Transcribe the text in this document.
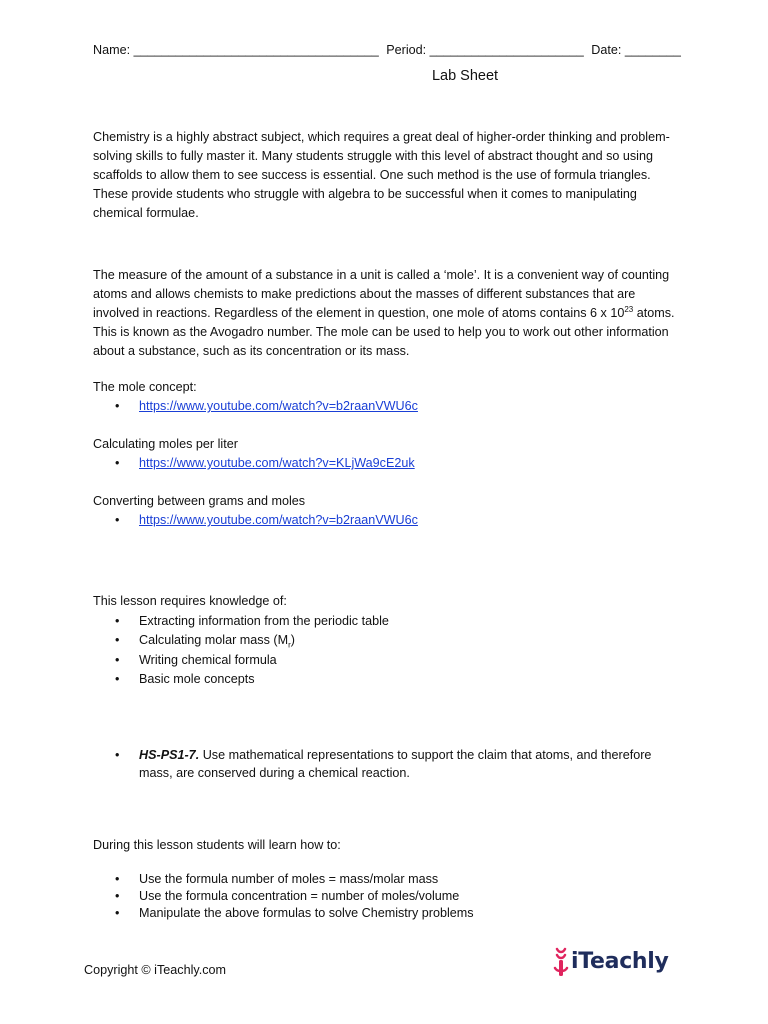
Name: ___________________________________ Period: ______________________ Date: ________
Lab Sheet
Chemistry is a highly abstract subject, which requires a great deal of higher-order thinking and problem-solving skills to fully master it. Many students struggle with this level of abstract thought and so using scaffolds to allow them to see success is essential. One such method is the use of formula triangles. These provide students who struggle with algebra to be successful when it comes to manipulating chemical formulae.
The measure of the amount of a substance in a unit is called a ‘mole’. It is a convenient way of counting atoms and allows chemists to make predictions about the masses of different substances that are involved in reactions. Regardless of the element in question, one mole of atoms contains 6 x $10^{23}$ atoms. This is known as the Avogadro number. The mole can be used to help you to work out other information about a substance, such as its concentration or its mass.
The mole concept:
• https://www.youtube.com/watch?v=b2raanVWU6c
Calculating moles per liter
• https://www.youtube.com/watch?v=KLjWa9cE2uk
Converting between grams and moles
• https://www.youtube.com/watch?v=b2raanVWU6c
This lesson requires knowledge of:
• Extracting information from the periodic table
• Calculating molar mass $(M_r)$
• Writing chemical formula
• Basic mole concepts
• HS-PS1-7. Use mathematical representations to support the claim that atoms, and therefore
mass, are conserved during a chemical reaction.
During this lesson students will learn how to:
• Use the formula number of moles = mass/molar mass
• Use the formula concentration = number of moles/volume
• Manipulate the above formulas to solve Chemistry problems
Copyright © iTeachly.com	iTeachly
